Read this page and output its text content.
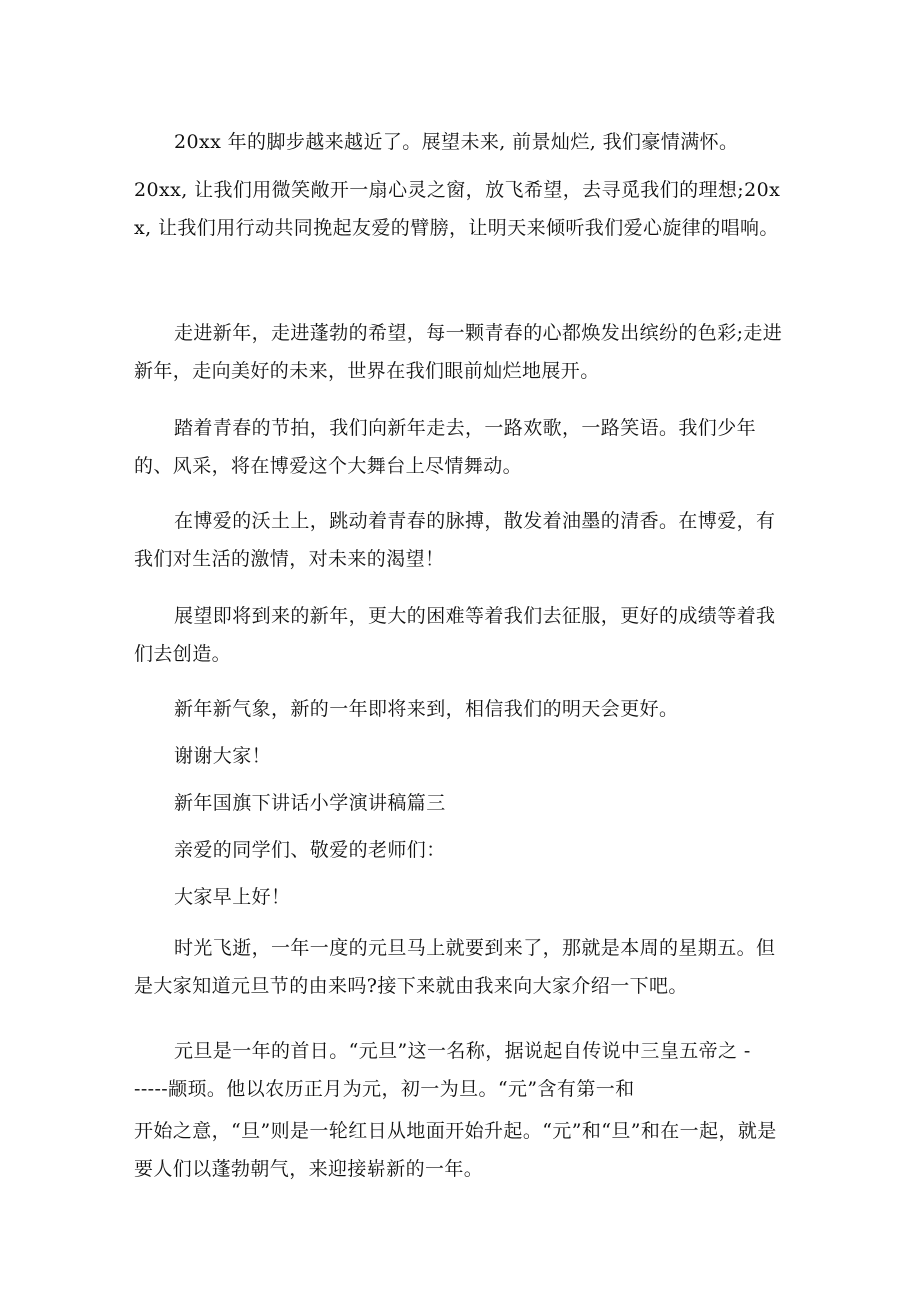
20xx 年的脚步越来越近了。展望未来, 前景灿烂, 我们豪情满怀。

20xx, 让我们用微笑敞开一扇心灵之窗，放飞希望，去寻觅我们的理想;20xx, 让我们用行动共同挽起友爱的臂膀，让明天来倾听我们爱心旋律的唱响。

走进新年，走进蓬勃的希望，每一颗青春的心都焕发出缤纷的色彩;走进新年，走向美好的未来，世界在我们眼前灿烂地展开。

踏着青春的节拍，我们向新年走去，一路欢歌，一路笑语。我们少年的、风采，将在博爱这个大舞台上尽情舞动。

在博爱的沃土上，跳动着青春的脉搏，散发着油墨的清香。在博爱，有我们对生活的激情，对未来的渴望！

展望即将到来的新年，更大的困难等着我们去征服，更好的成绩等着我们去创造。

新年新气象，新的一年即将来到，相信我们的明天会更好。

谢谢大家！

新年国旗下讲话小学演讲稿篇三

亲爱的同学们、敬爱的老师们：

大家早上好！

时光飞逝，一年一度的元旦马上就要到来了，那就是本周的星期五。但是大家知道元旦节的由来吗?接下来就由我来向大家介绍一下吧。

元旦是一年的首日。“元旦”这一名称，据说起自传说中三皇五帝之 ------颛顼。他以农历正月为元，初一为旦。“元”含有第一和

开始之意，“旦”则是一轮红日从地面开始升起。“元”和“旦”和在一起，就是要人们以蓬勃朝气，来迎接崭新的一年。
